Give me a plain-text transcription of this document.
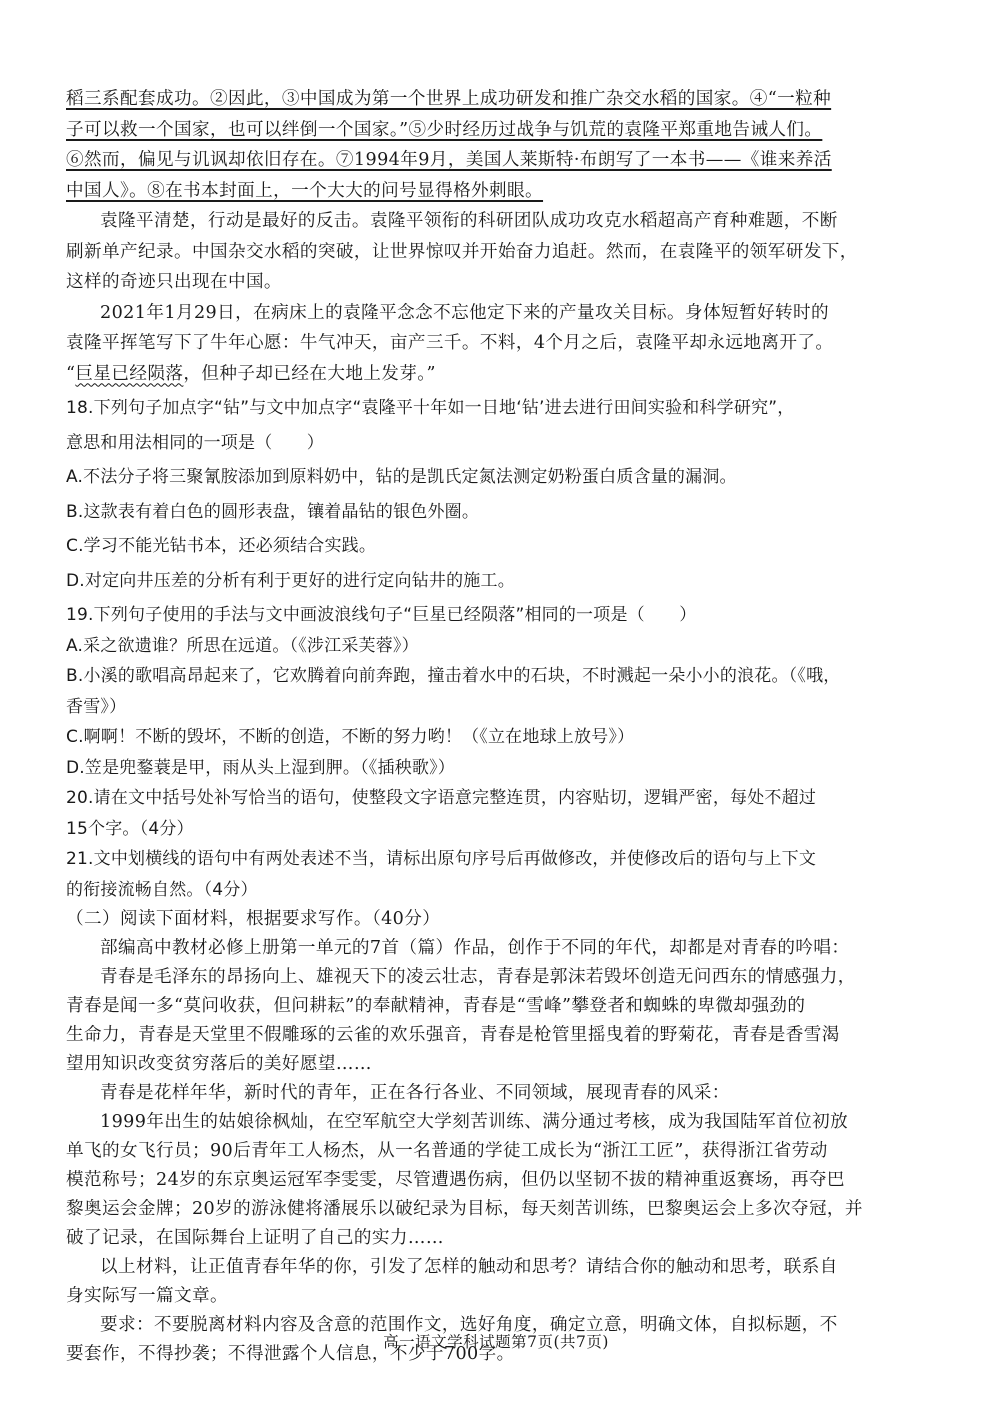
稻三系配套成功。②因此，③中国成为第一个世界上成功研发和推广杂交水稻的国家。④“一粒种
子可以救一个国家，也可以绊倒一个国家。”⑤少时经历过战争与饥荒的袁隆平郑重地告诫人们。
⑥然而，偏见与讥讽却依旧存在。⑦1994年9月，美国人莱斯特·布朗写了一本书——《谁来养活
中国人》。⑧在书本封面上，一个大大的问号显得格外刺眼。
袁隆平清楚，行动是最好的反击。袁隆平领衔的科研团队成功攻克水稻超高产育种难题，不断
刷新单产纪录。中国杂交水稻的突破，让世界惊叹并开始奋力追赶。然而，在袁隆平的领军研发下，
这样的奇迹只出现在中国。
2021年1月29日，在病床上的袁隆平念念不忘他定下来的产量攻关目标。身体短暂好转时的
袁隆平挥笔写下了牛年心愿：牛气冲天，亩产三千。不料，4个月之后，袁隆平却永远地离开了。
“巨星已经陨落，但种子却已经在大地上发芽。”
18.下列句子加点字“钻”与文中加点字“袁隆平十年如一日地‘钻’进去进行田间实验和科学研究”，
意思和用法相同的一项是（　　）
A.不法分子将三聚氰胺添加到原料奶中，钻的是凯氏定氮法测定奶粉蛋白质含量的漏洞。
B.这款表有着白色的圆形表盘，镶着晶钻的银色外圈。
C.学习不能光钻书本，还必须结合实践。
D.对定向井压差的分析有利于更好的进行定向钻井的施工。
19.下列句子使用的手法与文中画波浪线句子“巨星已经陨落”相同的一项是（　　）
A.采之欲遗谁？所思在远道。（《涉江采芙蓉》）
B.小溪的歌唱高昂起来了，它欢腾着向前奔跑，撞击着水中的石块，不时溅起一朵小小的浪花。（《哦，
香雪》）
C.啊啊！不断的毁坏，不断的创造，不断的努力哟！（《立在地球上放号》）
D.笠是兜鍪蓑是甲，雨从头上湿到胛。（《插秧歌》）
20.请在文中括号处补写恰当的语句，使整段文字语意完整连贯，内容贴切，逻辑严密，每处不超过
15个字。（4分）
21.文中划横线的语句中有两处表述不当，请标出原句序号后再做修改，并使修改后的语句与上下文
的衔接流畅自然。（4分）
（二）阅读下面材料，根据要求写作。（40分）
部编高中教材必修上册第一单元的7首（篇）作品，创作于不同的年代，却都是对青春的吟唱：
青春是毛泽东的昂扬向上、雄视天下的凌云壮志，青春是郭沫若毁坏创造无问西东的情感强力，
青春是闻一多“莫问收获，但问耕耘”的奉献精神，青春是“雪峰”攀登者和蜘蛛的卑微却强劲的
生命力，青春是天堂里不假雕琢的云雀的欢乐强音，青春是枪管里摇曳着的野菊花，青春是香雪渴
望用知识改变贫穷落后的美好愿望……
青春是花样年华，新时代的青年，正在各行各业、不同领域，展现青春的风采：
1999年出生的姑娘徐枫灿，在空军航空大学刻苦训练、满分通过考核，成为我国陆军首位初放
单飞的女飞行员；90后青年工人杨杰，从一名普通的学徒工成长为“浙江工匠”，获得浙江省劳动
模范称号；24岁的东京奥运冠军李雯雯，尽管遭遇伤病，但仍以坚韧不拔的精神重返赛场，再夺巴
黎奥运会金牌；20岁的游泳健将潘展乐以破纪录为目标，每天刻苦训练，巴黎奥运会上多次夺冠，并
破了记录，在国际舞台上证明了自己的实力……
以上材料，让正值青春年华的你，引发了怎样的触动和思考？请结合你的触动和思考，联系自
身实际写一篇文章。
要求：不要脱离材料内容及含意的范围作文，选好角度，确定立意，明确文体，自拟标题，不
要套作，不得抄袭；不得泄露个人信息，不少于700字。
高一语文学科试题第7页(共7页)
